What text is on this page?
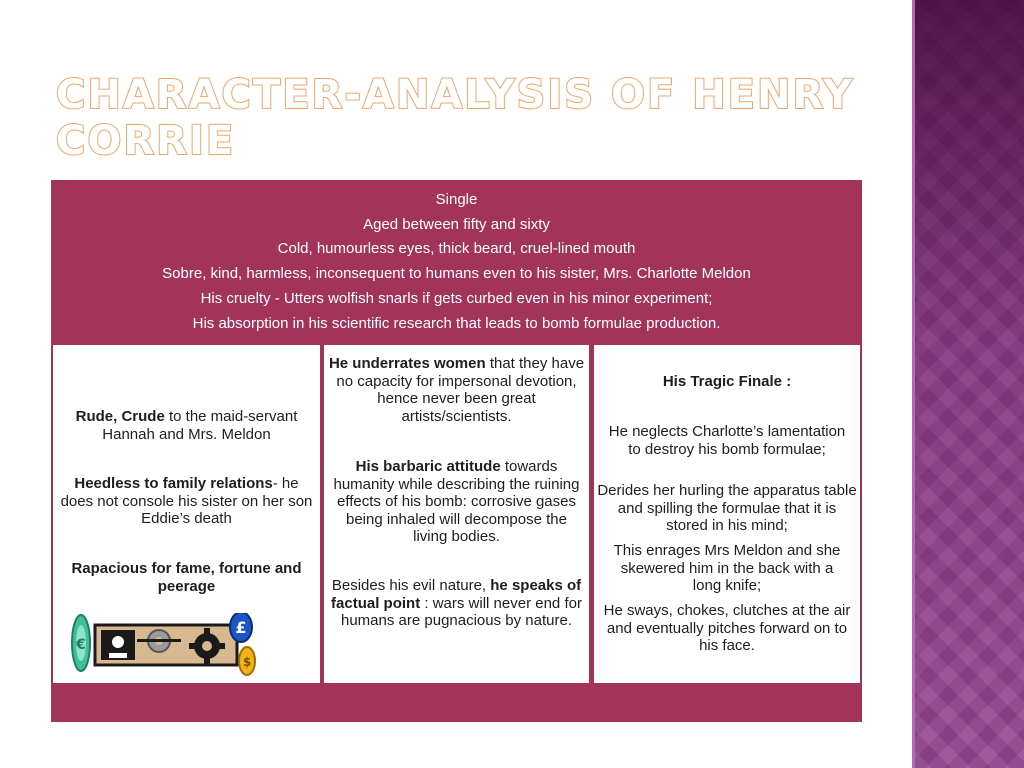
CHARACTER-ANALYSIS OF HENRY CORRIE
Single
Aged between fifty and sixty
Cold, humourless eyes, thick beard, cruel-lined mouth
Sobre, kind, harmless, inconsequent to humans even to his sister, Mrs. Charlotte Meldon
His cruelty - Utters wolfish snarls if gets curbed even in his minor experiment;
His absorption in his scientific research that leads to bomb formulae production.
Rude, Crude to the maid-servant Hannah and Mrs. Meldon
Heedless to family relations- he does not console his sister on her son Eddie’s death
Rapacious for fame, fortune and peerage
€
£
$
He underrates women that they have no capacity for impersonal devotion, hence never been great artists/scientists.
His barbaric attitude towards humanity while describing the ruining effects of his bomb: corrosive gases being inhaled will decompose the living bodies.
Besides his evil nature, he speaks of factual point : wars will never end for humans are pugnacious by nature.
His Tragic Finale :
He neglects Charlotte’s lamentation to destroy his bomb formulae;
Derides her hurling the apparatus table and spilling the formulae that it is stored in his mind;
This enrages Mrs Meldon and she skewered him in the back with a long knife;
He sways, chokes, clutches at the air and eventually pitches forward on to his face.
